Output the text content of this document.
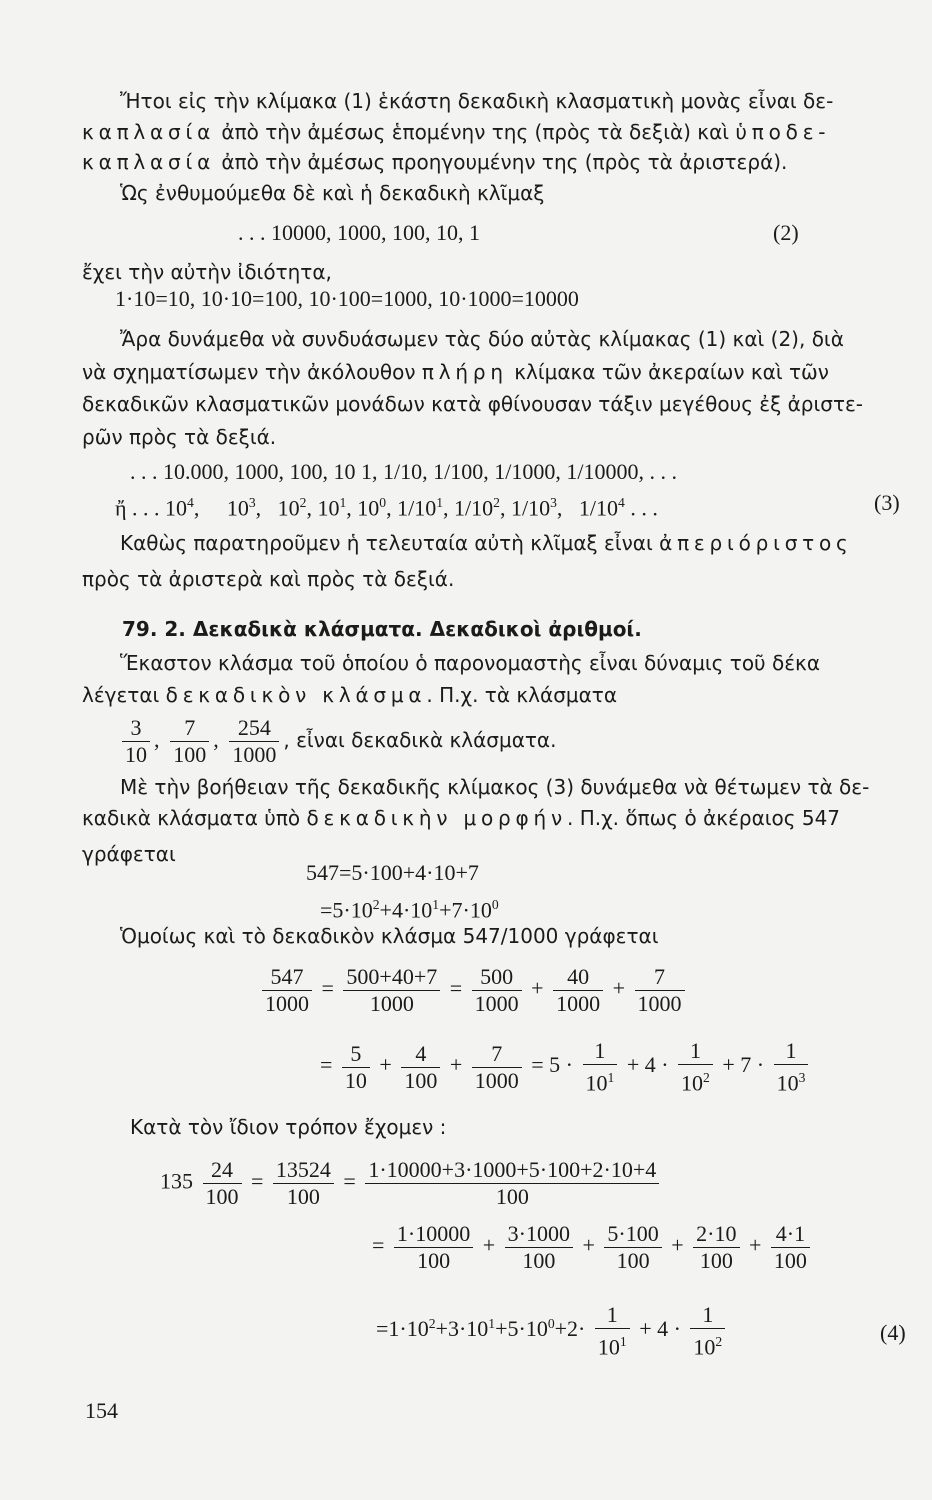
Ἤτοι εἰς τὴν κλίμακα (1) ἑκάστη δεκαδικὴ κλασματικὴ μονὰς εἶναι δε-
καπλασία ἀπὸ τὴν ἀμέσως ἑπομένην της (πρὸς τὰ δεξιὰ) καὶ ὑποδε-
καπλασία ἀπὸ τὴν ἀμέσως προηγουμένην της (πρὸς τὰ ἀριστερά).
Ὡς ἐνθυμούμεθα δὲ καὶ ἡ δεκαδικὴ κλῖμαξ
. . . 10000, 1000, 100, 10, 1	(2)
ἔχει τὴν αὐτὴν ἰδιότητα,
1·10=10, 10·10=100, 10·100=1000, 10·1000=10000
Ἄρα δυνάμεθα νὰ συνδυάσωμεν τὰς δύο αὐτὰς κλίμακας (1) καὶ (2), διὰ
νὰ σχηματίσωμεν τὴν ἀκόλουθον πλήρη κλίμακα τῶν ἀκεραίων καὶ τῶν
δεκαδικῶν κλασματικῶν μονάδων κατὰ φθίνουσαν τάξιν μεγέθους ἐξ ἀριστε-
ρῶν πρὸς τὰ δεξιά.
. . . 10.000, 1000, 100, 10 1, 1/10, 1/100, 1/1000, 1/10000, . . .
ἤ . . . $10^4$,     $10^3$,   $10^2$, $10^1$, $10^0$, $1/10^1$, $1/10^2$, $1/10^3$,   $1/10^4$ . . .	(3)
Καθὼς παρατηροῦμεν ἡ τελευταία αὐτὴ κλῖμαξ εἶναι ἀπεριόριστος
πρὸς τὰ ἀριστερὰ καὶ πρὸς τὰ δεξιά.
79. 2. Δεκαδικὰ κλάσματα. Δεκαδικοὶ ἀριθμοί.
Ἕκαστον κλάσμα τοῦ ὁποίου ὁ παρονομαστὴς εἶναι δύναμις τοῦ δέκα
λέγεται δεκαδικὸν κλάσμα. Π.χ. τὰ κλάσματα
$\frac{3}{10}$ , $\frac{7}{100}$ , $\frac{254}{1000}$ , εἶναι δεκαδικὰ κλάσματα.
Μὲ τὴν βοήθειαν τῆς δεκαδικῆς κλίμακος (3) δυνάμεθα νὰ θέτωμεν τὰ δε-
καδικὰ κλάσματα ὑπὸ δεκαδικὴν μορφήν. Π.χ. ὅπως ὁ ἀκέραιος 547
γράφεται
547=5·100+4·10+7
$=5\cdot 10^2+4\cdot 10^1+7\cdot 10^0$
Ὁμοίως καὶ τὸ δεκαδικὸν κλάσμα 547/1000 γράφεται
$\frac{547}{1000} = \frac{500+40+7}{1000} = \frac{500}{1000} + \frac{40}{1000} + \frac{7}{1000}$
= $\frac{5}{10} + \frac{4}{100} + \frac{7}{1000} = 5 \cdot \frac{1}{10^1} + 4 \cdot \frac{1}{10^2} + 7 \cdot \frac{1}{10^3}$
Κατὰ τὸν ἴδιον τρόπον ἔχομεν :
$135 \frac{24}{100} = \frac{13524}{100} = \frac{1\cdot 10000+3\cdot 1000+5\cdot 100+2\cdot 10+4}{100}$
= $\frac{1\cdot 10000}{100} + \frac{3\cdot 1000}{100} + \frac{5\cdot 100}{100} + \frac{2\cdot 10}{100} + \frac{4\cdot 1}{100}$
$=1\cdot 10^2+3\cdot 10^1+5\cdot 10^0+2\cdot \frac{1}{10^1} + 4 \cdot \frac{1}{10^2}$	(4)
154
